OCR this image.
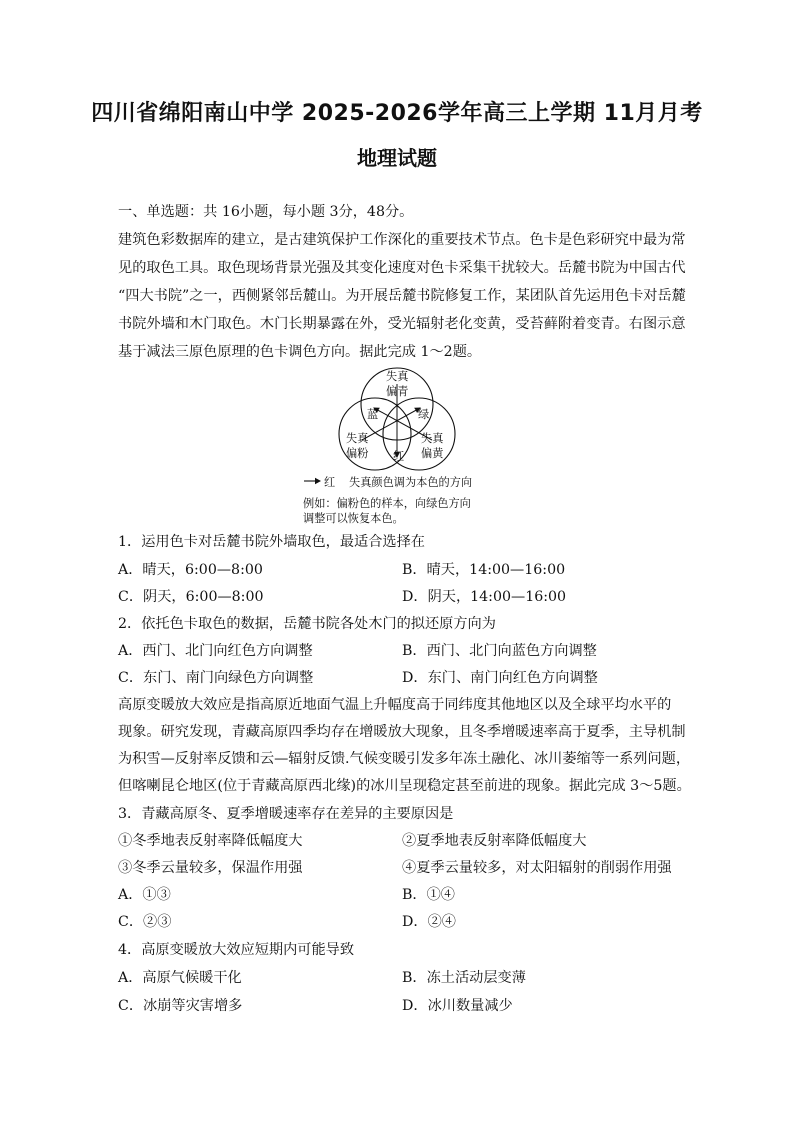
四川省绵阳南山中学 2025-2026学年高三上学期 11月月考
地理试题
一、单选题：共 16小题，每小题 3分，48分。
建筑色彩数据库的建立，是古建筑保护工作深化的重要技术节点。色卡是色彩研究中最为常
见的取色工具。取色现场背景光强及其变化速度对色卡采集干扰较大。岳麓书院为中国古代
“四大书院”之一，西侧紧邻岳麓山。为开展岳麓书院修复工作，某团队首先运用色卡对岳麓
书院外墙和木门取色。木门长期暴露在外，受光辐射老化变黄，受苔藓附着变青。右图示意
基于减法三原色原理的色卡调色方向。据此完成 1～2题。
失真
偏青
失真
偏粉
失真
偏黄
蓝	绿
红
红 失真颜色调为本色的方向
例如：偏粉色的样本，向绿色方向
调整可以恢复本色。
1．运用色卡对岳麓书院外墙取色，最适合选择在
A．晴天，6:00—8:00	B．晴天，14:00—16:00
C．阴天，6:00—8:00	D．阴天，14:00—16:00
2．依托色卡取色的数据，岳麓书院各处木门的拟还原方向为
A．西门、北门向红色方向调整	B．西门、北门向蓝色方向调整
C．东门、南门向绿色方向调整	D．东门、南门向红色方向调整
高原变暖放大效应是指高原近地面气温上升幅度高于同纬度其他地区以及全球平均水平的
现象。研究发现，青藏高原四季均存在增暖放大现象，且冬季增暖速率高于夏季，主导机制
为积雪—反射率反馈和云—辐射反馈.气候变暖引发多年冻土融化、冰川萎缩等一系列问题，
但喀喇昆仑地区(位于青藏高原西北缘)的冰川呈现稳定甚至前进的现象。据此完成 3～5题。
3．青藏高原冬、夏季增暖速率存在差异的主要原因是
①冬季地表反射率降低幅度大	②夏季地表反射率降低幅度大
③冬季云量较多，保温作用强	④夏季云量较多，对太阳辐射的削弱作用强
A．①③	B．①④
C．②③	D．②④
4．高原变暖放大效应短期内可能导致
A．高原气候暖干化	B．冻土活动层变薄
C．冰崩等灾害增多	D．冰川数量减少
